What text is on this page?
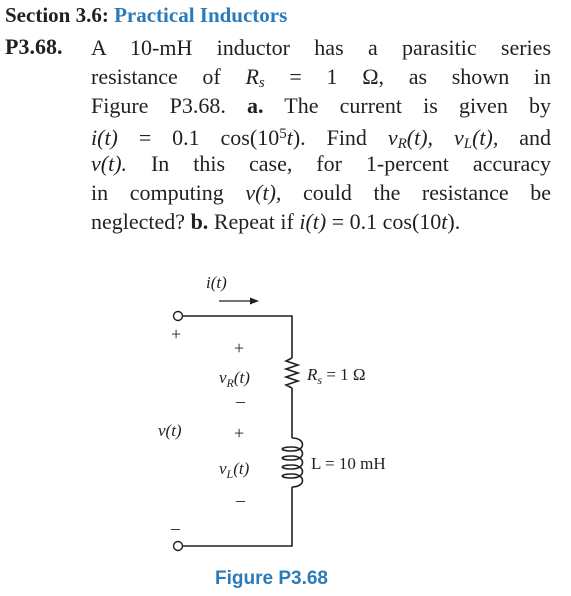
Section 3.6: Practical Inductors
P3.68. A 10-mH inductor has a parasitic series
resistance of $R_s = 1$ Ω, as shown in
Figure P3.68. a. The current is given by
i(t) = 0.1 $\cos(10^5t)$. Find $v_R(t)$, $v_L(t)$, and
v(t). In this case, for 1-percent accuracy
in computing v(t), could the resistance be
neglected? b. Repeat if i(t) = 0.1 cos(10t).
i(t)
+
–
v(t)
+
$v_R(t)$
–
+
$v_L(t)$
–
$R_s = 1$ Ω
L = 10 mH
Figure P3.68
